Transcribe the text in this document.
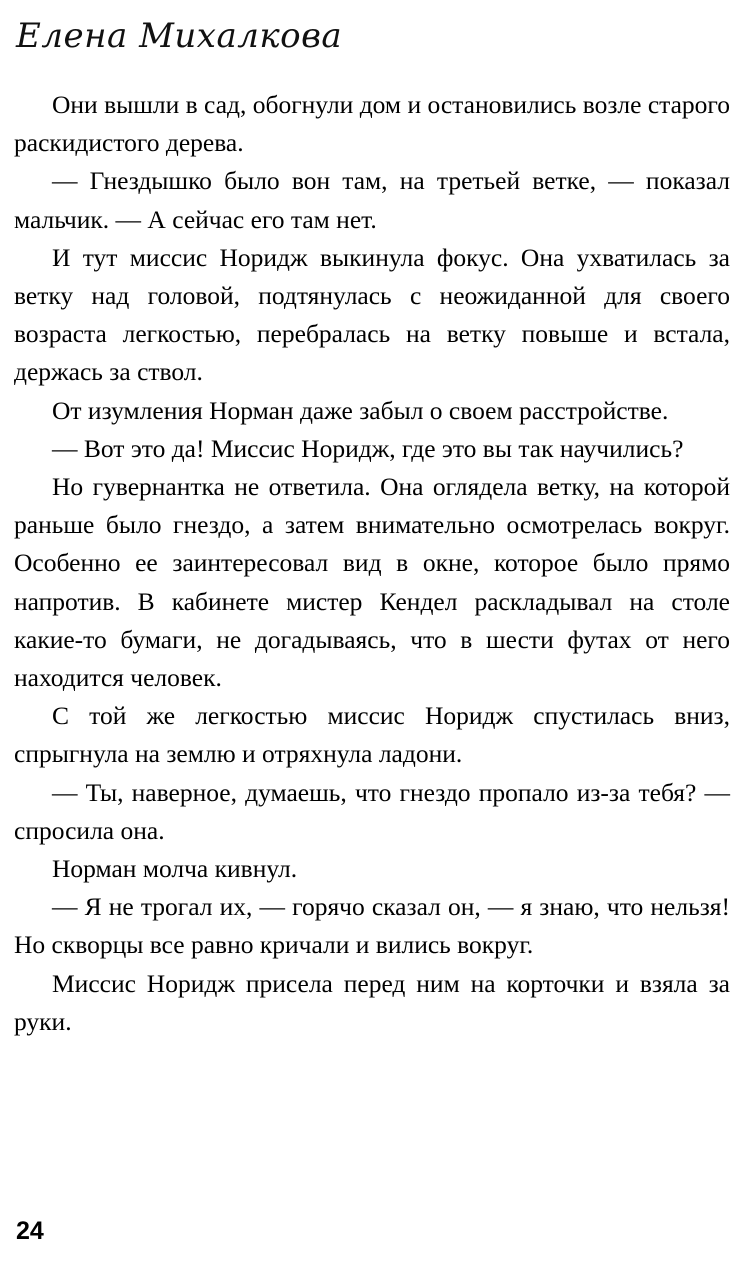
Елена Михалкова

Они вышли в сад, обогнули дом и остановились возле старого раскидистого дерева.

— Гнездышко было вон там, на третьей ветке, — показал мальчик. — А сейчас его там нет.

И тут миссис Норидж выкинула фокус. Она ухватилась за ветку над головой, подтянулась с неожиданной для своего возраста легкостью, перебралась на ветку повыше и встала, держась за ствол.

От изумления Норман даже забыл о своем расстройстве.

— Вот это да! Миссис Норидж, где это вы так научились?

Но гувернантка не ответила. Она оглядела ветку, на которой раньше было гнездо, а затем внимательно осмотрелась вокруг. Особенно ее заинтересовал вид в окне, которое было прямо напротив. В кабинете мистер Кендел раскладывал на столе какие-то бумаги, не догадываясь, что в шести футах от него находится человек.

С той же легкостью миссис Норидж спустилась вниз, спрыгнула на землю и отряхнула ладони.

— Ты, наверное, думаешь, что гнездо пропало из-за тебя? — спросила она.

Норман молча кивнул.

— Я не трогал их, — горячо сказал он, — я знаю, что нельзя! Но скворцы все равно кричали и вились вокруг.

Миссис Норидж присела перед ним на корточки и взяла за руки.

24
